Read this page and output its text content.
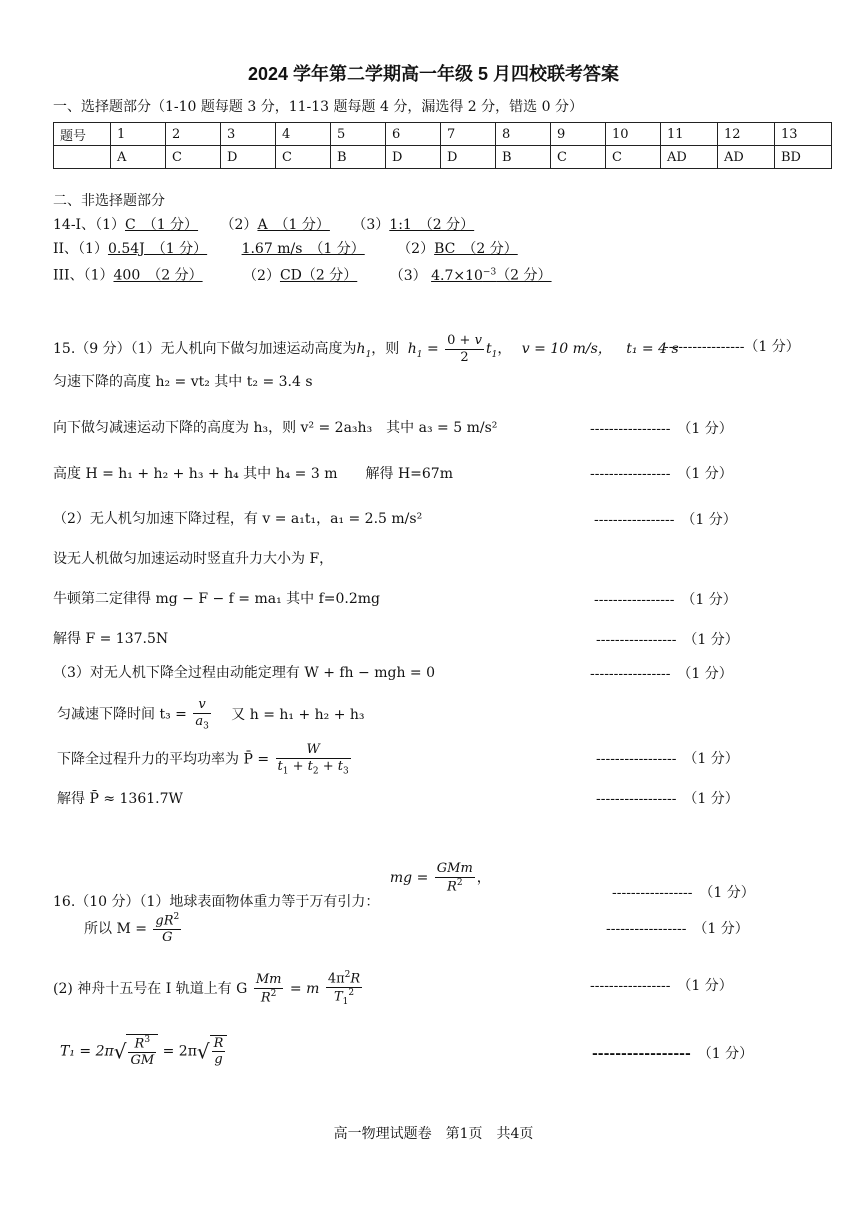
2024 学年第二学期高一年级 5 月四校联考答案
一、选择题部分（1-10 题每题 3 分，11-13 题每题 4 分，漏选得 2 分，错选 0 分）
题号	1	2	3	4	5	6	7	8	9	10	11	12	13
	A	C	D	C	B	D	D	B	C	C	AD	AD	BD
二、非选择题部分
14-I、（1）C　（1 分） （2）A　（1 分） （3）1:1　（2 分）
II、（1）0.54J　（1 分） 1.67 m/s　（1 分） （2）BC　（2 分）
III、（1）400　（2 分）	（2）CD（2 分） （3） $4.7\times 10^{-3}(2$ 分）
15.（9 分）（1）无人机向下做匀加速运动高度为$h_1$，则 $h_1 = \frac{0 + v}{2} t_1$， v = 10 m/s， t₁ = 4 s
-----------------（1 分）
匀速下降的高度 h₂ = vt₂ 其中 t₂ = 3.4 s
向下做匀减速运动下降的高度为 h₃，则 v² = 2a₃h₃　其中 a₃ = 5 m/s²	-----------------　 （1 分）
高度 H = h₁ + h₂ + h₃ + h₄ 其中 h₄ = 3 m　　解得 H=67m	-----------------　 （1 分）
（2）无人机匀加速下降过程，有 v = a₁t₁，a₁ = 2.5 m/s²	-----------------　 （1 分）
设无人机做匀加速运动时竖直升力大小为 F，
牛顿第二定律得 mg − F − f = ma₁ 其中 f=0.2mg	-----------------　 （1 分）
解得 F = 137.5N	-----------------　 （1 分）
（3）对无人机下降全过程由动能定理有 W + fh − mgh = 0	-----------------　 （1 分）
匀减速下降时间 $t_3 = \frac{v}{a_3}$ 又 h = h₁ + h₂ + h₃
下降全过程升力的平均功率为 P̄ = $\frac{W}{t_1 + t_2 + t_3}$	-----------------　 （1 分）
解得 P̄ ≈ 1361.7W	-----------------　 （1 分）
16.（10 分）（1）地球表面物体重力等于万有引力： mg = $\frac{\text{GMm}}{R^2}$ ，
-----------------　 （1 分）
所以 $M = \frac{gR^2}{G}$	-----------------　 （1 分）
(2) 神舟十五号在 I 轨道上有 G $\frac{Mm}{R^2} = m \frac{4\pi^2R}{T_1^2}$	-----------------　 （1 分）
$T_1 = 2\pi√ \frac{R^3}{GM} = 2\pi√ \frac{R}{g}$	-----------------　 （1 分）
高一物理试题卷　第1页　共4页
